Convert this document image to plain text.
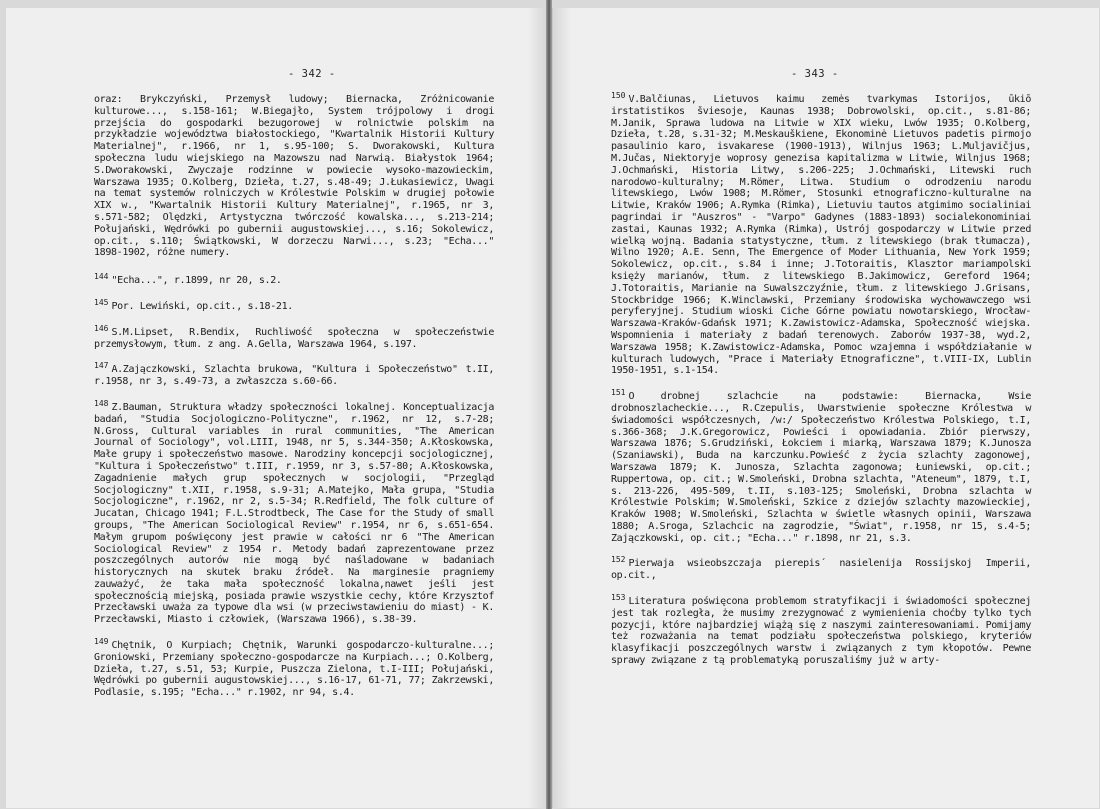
- 342 -

oraz: Brykczyński, Przemysł ludowy; Biernacka, Zróżnicowanie kulturowe..., s.158-161; W.Biegajło, System trójpolowy i drogi przejścia do gospodarki bezugorowej w rolnictwie polskim na przykładzie województwa białostockiego, "Kwartalnik Historii Kultury Materialnej", r.1966, nr 1, s.95-100; S. Dworakowski, Kultura społeczna ludu wiejskiego na Mazowszu nad Narwią. Białystok 1964; S.Dworakowski, Zwyczaje rodzinne w powiecie wysoko-mazowieckim, Warszawa 1935; O.Kolberg, Dzieła, t.27, s.48-49; J.Łukasiewicz, Uwagi na temat systemów rolniczych w Królestwie Polskim w drugiej połowie XIX w., "Kwartalnik Historii Kultury Materialnej", r.1965, nr 3, s.571-582; Olędzki, Artystyczna twórczość kowalska..., s.213-214; Połujański, Wędrówki po gubernii augustowskiej..., s.16; Sokolewicz, op.cit., s.110; Świątkowski, W dorzeczu Narwi..., s.23; "Echa..." 1898-1902, różne numery.

$^{144}$ "Echa...", r.1899, nr 20, s.2.

$^{145}$ Por. Lewiński, op.cit., s.18-21.

$^{146}$ S.M.Lipset, R.Bendix, Ruchliwość społeczna w społeczeństwie przemysłowym, tłum. z ang. A.Gella, Warszawa 1964, s.197.

$^{147}$ A.Zajączkowski, Szlachta brukowa, "Kultura i Społeczeństwo" t.II, r.1958, nr 3, s.49-73, a zwłaszcza s.60-66.

$^{148}$ Z.Bauman, Struktura władzy społeczności lokalnej. Konceptualizacja badań, "Studia Socjologiczno-Polityczne", r.1962, nr 12, s.7-28; N.Gross, Cultural variables in rural communities, "The American Journal of Sociology", vol.LIII, 1948, nr 5, s.344-350; A.Kłoskowska, Małe grupy i społeczeństwo masowe. Narodziny koncepcji socjologicznej, "Kultura i Społeczeństwo" t.III, r.1959, nr 3, s.57-80; A.Kłoskowska, Zagadnienie małych grup społecznych w socjologii, "Przegląd Socjologiczny" t.XII, r.1958, s.9-31; A.Matejko, Mała grupa, "Studia Socjologiczne", r.1962, nr 2, s.5-34; R.Redfield, The folk culture of Jucatan, Chicago 1941; F.L.Strodtbeck, The Case for the Study of small groups, "The American Sociological Review" r.1954, nr 6, s.651-654. Małym grupom poświęcony jest prawie w całości nr 6 "The American Sociological Review" z 1954 r. Metody badań zaprezentowane przez poszczególnych autorów nie mogą być naśladowane w badaniach historycznych na skutek braku źródeł. Na marginesie pragniemy zauważyć, że taka mała społeczność lokalna,nawet jeśli jest społecznością miejską, posiada prawie wszystkie cechy, które Krzysztof Przecławski uważa za typowe dla wsi (w przeciwstawieniu do miast) - K. Przecławski, Miasto i człowiek, (Warszawa 1966), s.38-39.

$^{149}$ Chętnik, O Kurpiach; Chętnik, Warunki gospodarczo-kulturalne...; Groniowski, Przemiany społeczno-gospodarcze na Kurpiach...; O.Kolberg, Dzieła, t.27, s.51, 53; Kurpie, Puszcza Zielona, t.I-III; Połujański, Wędrówki po gubernii augustowskiej..., s.16-17, 61-71, 77; Zakrzewski, Podlasie, s.195; "Echa..." r.1902, nr 94, s.4.

- 343 -

$^{150}$ V.Balčiunas, Lietuvos kaimu zemės tvarkymas Istorijos, ūkiō irstatistikos šviesoje, Kaunas 1938; Dobrowolski, op.cit., s.81-86; M.Janik, Sprawa ludowa na Litwie w XIX wieku, Lwów 1935; O.Kolberg, Dzieła, t.28, s.31-32; M.Meskauškiene, Ekonominė Lietuvos padetis pirmojo pasaulinio karo, isvakarese (1900-1913), Wilnjus 1963; L.Muljavičjus, M.Jučas, Niektoryje woprosy genezisa kapitalizma w Litwie, Wilnjus 1968; J.Ochmański, Historia Litwy, s.206-225; J.Ochmański, Litewski ruch narodowo-kulturalny; M.Römer, Litwa. Studium o odrodzeniu narodu litewskiego, Lwów 1908; M.Römer, Stosunki etnograficzno-kulturalne na Litwie, Kraków 1906; A.Rymka (Rimka), Lietuviu tautos atgimimo socialiniai pagrindai ir "Auszros" - "Varpo" Gadynes (1883-1893) socialekonominiai zastai, Kaunas 1932; A.Rymka (Rimka), Ustrój gospodarczy w Litwie przed wielką wojną. Badania statystyczne, tłum. z litewskiego (brak tłumacza), Wilno 1920; A.E. Senn, The Emergence of Moder Lithuania, New York 1959; Sokolewicz, op.cit., s.84 i inne; J.Totoraitis, Klasztor mariampolski księży marianów, tłum. z litewskiego B.Jakimowicz, Gereford 1964; J.Totoraitis, Marianie na Suwalszczyźnie, tłum. z litewskiego J.Grisans, Stockbridge 1966; K.Winclawski, Przemiany środowiska wychowawczego wsi peryferyjnej. Studium wioski Ciche Górne powiatu nowotarskiego, Wrocław-Warszawa-Kraków-Gdańsk 1971; K.Zawistowicz-Adamska, Społeczność wiejska. Wspomnienia i materiały z badań terenowych. Zaborów 1937-38, wyd.2, Warszawa 1958; K.Zawistowicz-Adamska, Pomoc wzajemna i współdziałanie w kulturach ludowych, "Prace i Materiały Etnograficzne", t.VIII-IX, Lublin 1950-1951, s.1-154.

$^{151}$ O drobnej szlachcie na podstawie: Biernacka, Wsie drobnoszlacheckie..., R.Czepulis, Uwarstwienie społeczne Królestwa w świadomości współczesnych, /w:/ Społeczeństwo Królestwa Polskiego, t.I, s.366-368; J.K.Gregorowicz, Powieści i opowiadania. Zbiór pierwszy, Warszawa 1876; S.Grudziński, Łokciem i miarką, Warszawa 1879; K.Junosza (Szaniawski), Buda na karczunku.Powieść z życia szlachty zagonowej, Warszawa 1879; K. Junosza, Szlachta zagonowa; Łuniewski, op.cit.; Ruppertowa, op. cit.; W.Smoleński, Drobna szlachta, "Ateneum", 1879, t.I, s. 213-226, 495-509, t.II, s.103-125; Smoleński, Drobna szlachta w Królestwie Polskim; W.Smoleński, Szkice z dziejów szlachty mazowieckiej, Kraków 1908; W.Smoleński, Szlachta w świetle własnych opinii, Warszawa 1880; A.Sroga, Szlachcic na zagrodzie, "Świat", r.1958, nr 15, s.4-5; Zajączkowski, op. cit.; "Echa..." r.1898, nr 21, s.3.

$^{152}$ Pierwaja wsieobszczaja pierepis´ nasielenija Rossijskoj Imperii, op.cit.,

$^{153}$ Literatura poświęcona problemom stratyfikacji i świadomości społecznej jest tak rozległa, że musimy zrezygnować z wymienienia choćby tylko tych pozycji, które najbardziej wiążą się z naszymi zainteresowaniami. Pomijamy też rozważania na temat podziału społeczeństwa polskiego, kryteriów klasyfikacji poszczególnych warstw i związanych z tym kłopotów. Pewne sprawy związane z tą problematyką poruszaliśmy już w arty-
